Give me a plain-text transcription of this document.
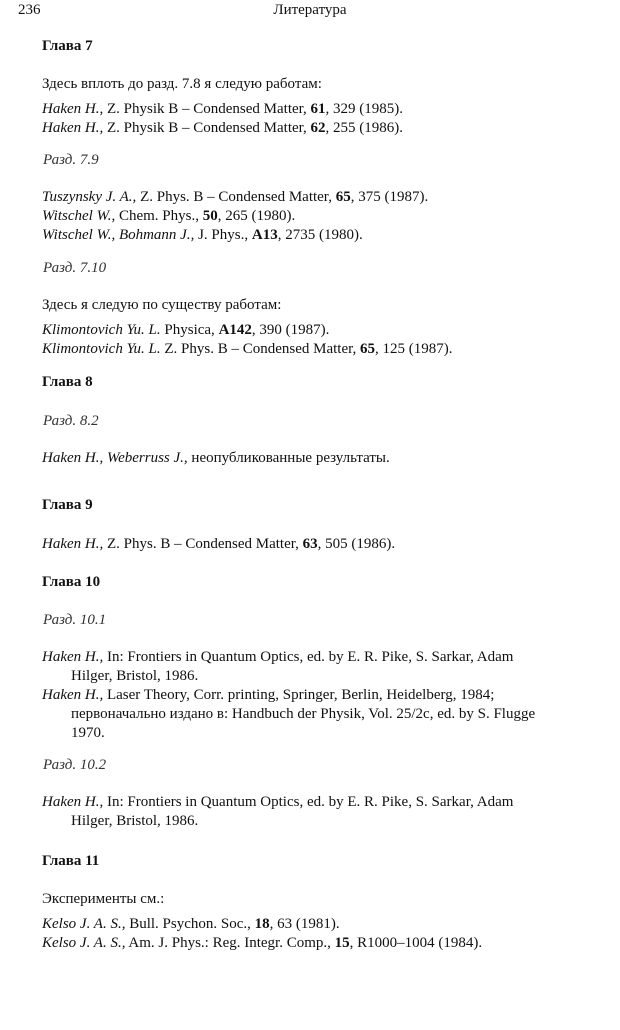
236	Литература
Глава 7
Здесь вплоть до разд. 7.8 я следую работам:
Haken H., Z. Physik B – Condensed Matter, 61, 329 (1985).
Haken H., Z. Physik B – Condensed Matter, 62, 255 (1986).
Разд. 7.9
Tuszynsky J. A., Z. Phys. B – Condensed Matter, 65, 375 (1987).
Witschel W., Chem. Phys., 50, 265 (1980).
Witschel W., Bohmann J., J. Phys., A13, 2735 (1980).
Разд. 7.10
Здесь я следую по существу работам:
Klimontovich Yu. L. Physica, A142, 390 (1987).
Klimontovich Yu. L. Z. Phys. B – Condensed Matter, 65, 125 (1987).
Глава 8
Разд. 8.2
Haken H., Weberruss J., неопубликованные результаты.
Глава 9
Haken H., Z. Phys. B – Condensed Matter, 63, 505 (1986).
Глава 10
Разд. 10.1
Haken H., In: Frontiers in Quantum Optics, ed. by E. R. Pike, S. Sarkar, Adam
Hilger, Bristol, 1986.
Haken H., Laser Theory, Corr. printing, Springer, Berlin, Heidelberg, 1984;
первоначально издано в: Handbuch der Physik, Vol. 25/2c, ed. by S. Flugge
1970.
Разд. 10.2
Haken H., In: Frontiers in Quantum Optics, ed. by E. R. Pike, S. Sarkar, Adam
Hilger, Bristol, 1986.
Глава 11
Эксперименты см.:
Kelso J. A. S., Bull. Psychon. Soc., 18, 63 (1981).
Kelso J. A. S., Am. J. Phys.: Reg. Integr. Comp., 15, R1000–1004 (1984).
